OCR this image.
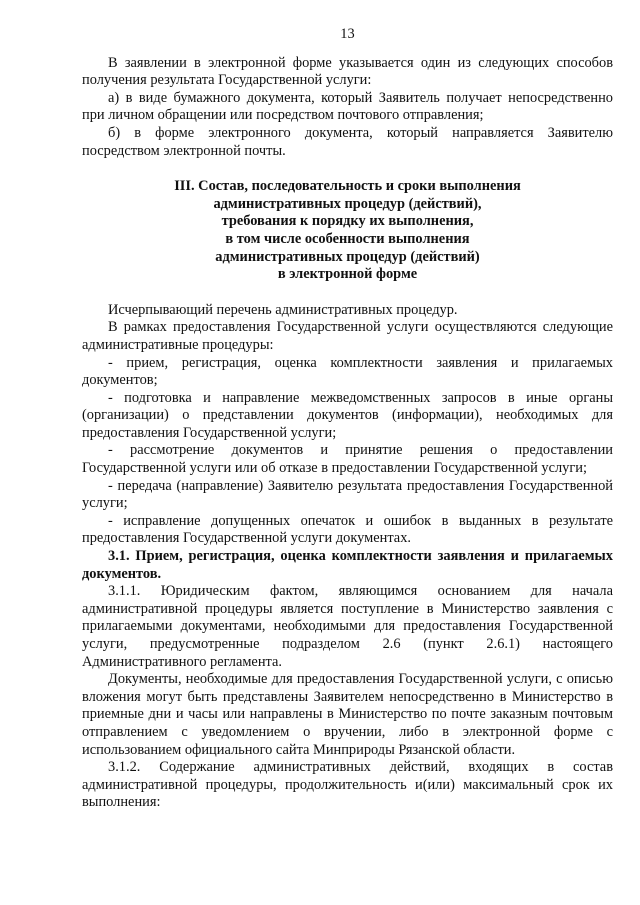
13

В заявлении в электронной форме указывается один из следующих способов получения результата Государственной услуги:

а) в виде бумажного документа, который Заявитель получает непосредственно при личном обращении или посредством почтового отправления;

б) в форме электронного документа, который направляется Заявителю посредством электронной почты.

III. Состав, последовательность и сроки выполнения
административных процедур (действий),
требования к порядку их выполнения,
в том числе особенности выполнения
административных процедур (действий)
в электронной форме

Исчерпывающий перечень административных процедур.

В рамках предоставления Государственной услуги осуществляются следующие административные процедуры:

- прием, регистрация, оценка комплектности заявления и прилагаемых документов;

- подготовка и направление межведомственных запросов в иные органы (организации) о представлении документов (информации), необходимых для предоставления Государственной услуги;

- рассмотрение документов и принятие решения о предоставлении Государственной услуги или об отказе в предоставлении Государственной услуги;

- передача (направление) Заявителю результата предоставления Государственной услуги;

- исправление допущенных опечаток и ошибок в выданных в результате предоставления Государственной услуги документах.

3.1. Прием, регистрация, оценка комплектности заявления и прилагаемых документов.

3.1.1. Юридическим фактом, являющимся основанием для начала административной процедуры является поступление в Министерство заявления с прилагаемыми документами, необходимыми для предоставления Государственной услуги, предусмотренные подразделом 2.6 (пункт 2.6.1) настоящего Административного регламента.

Документы, необходимые для предоставления Государственной услуги, с описью вложения могут быть представлены Заявителем непосредственно в Министерство в приемные дни и часы или направлены в Министерство по почте заказным почтовым отправлением с уведомлением о вручении, либо в электронной форме с использованием официального сайта Минприроды Рязанской области.

3.1.2. Содержание административных действий, входящих в состав административной процедуры, продолжительность и(или) максимальный срок их выполнения:
